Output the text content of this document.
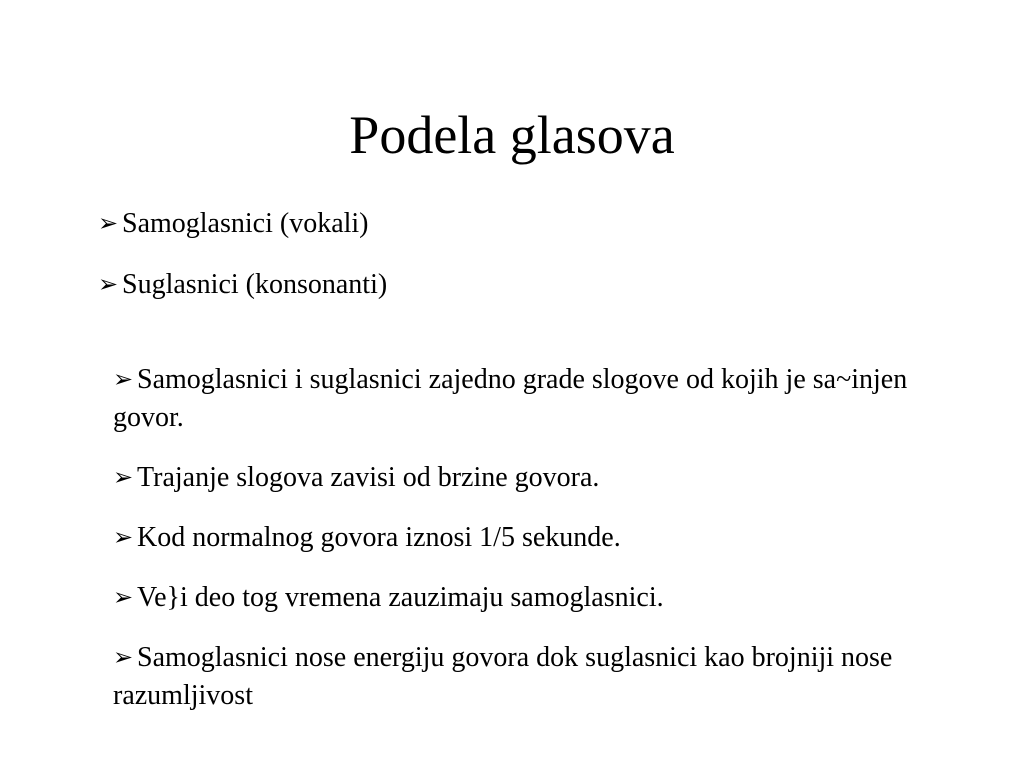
Podela glasova
➢ Samoglasnici (vokali)
➢ Suglasnici (konsonanti)
➢ Samoglasnici i suglasnici zajedno grade slogove od kojih je sa~injen govor.
➢ Trajanje slogova zavisi od brzine govora.
➢ Kod normalnog govora iznosi 1/5 sekunde.
➢ Ve}i deo tog vremena zauzimaju samoglasnici.
➢ Samoglasnici nose energiju govora dok suglasnici kao brojniji nose razumljivost
